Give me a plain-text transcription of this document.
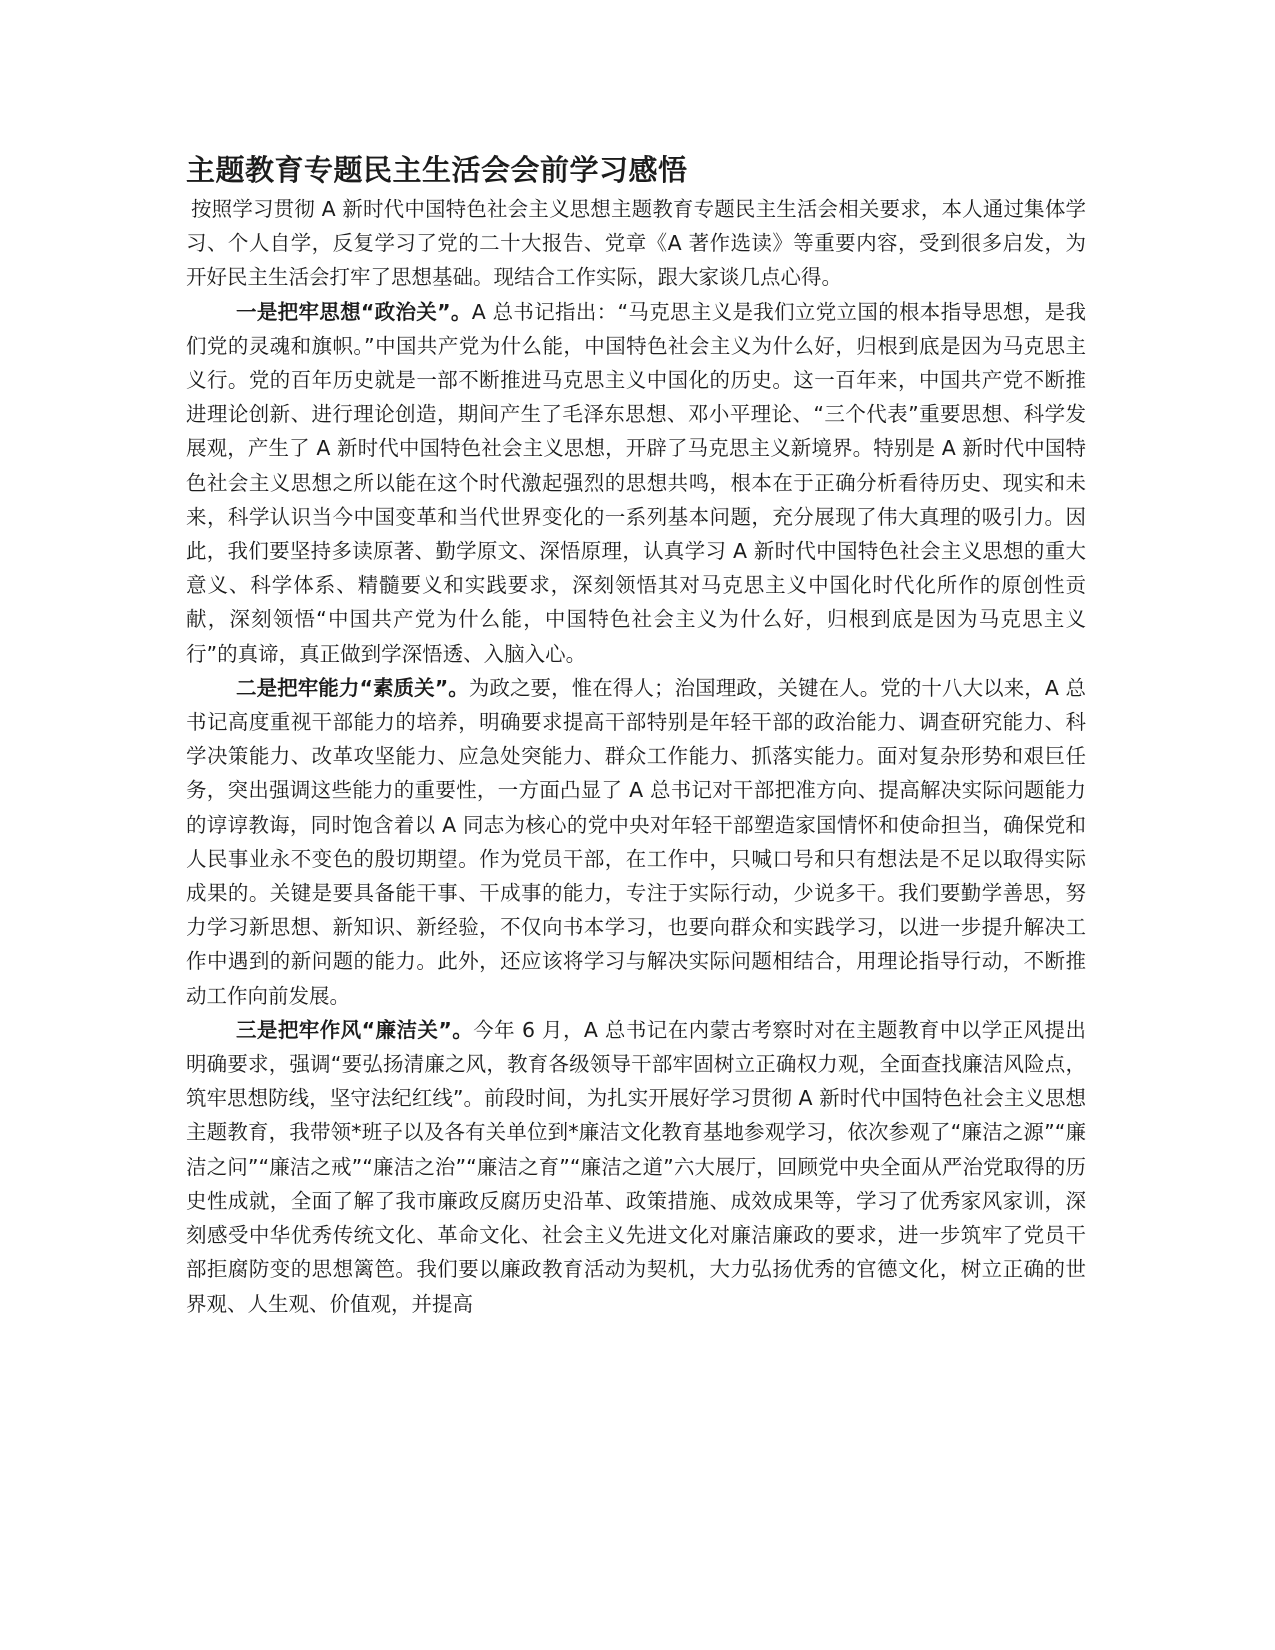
主题教育专题民主生活会会前学习感悟

按照学习贯彻 A 新时代中国特色社会主义思想主题教育专题民主生活会相关要求，本人通过集体学习、个人自学，反复学习了党的二十大报告、党章《A 著作选读》等重要内容，受到很多启发，为开好民主生活会打牢了思想基础。现结合工作实际，跟大家谈几点心得。

一是把牢思想“政治关”。A 总书记指出：“马克思主义是我们立党立国的根本指导思想，是我们党的灵魂和旗帜。”中国共产党为什么能，中国特色社会主义为什么好，归根到底是因为马克思主义行。党的百年历史就是一部不断推进马克思主义中国化的历史。这一百年来，中国共产党不断推进理论创新、进行理论创造，期间产生了毛泽东思想、邓小平理论、“三个代表”重要思想、科学发展观，产生了 A 新时代中国特色社会主义思想，开辟了马克思主义新境界。特别是 A 新时代中国特色社会主义思想之所以能在这个时代激起强烈的思想共鸣，根本在于正确分析看待历史、现实和未来，科学认识当今中国变革和当代世界变化的一系列基本问题，充分展现了伟大真理的吸引力。因此，我们要坚持多读原著、勤学原文、深悟原理，认真学习 A 新时代中国特色社会主义思想的重大意义、科学体系、精髓要义和实践要求，深刻领悟其对马克思主义中国化时代化所作的原创性贡献，深刻领悟“中国共产党为什么能，中国特色社会主义为什么好，归根到底是因为马克思主义行”的真谛，真正做到学深悟透、入脑入心。

二是把牢能力“素质关”。为政之要，惟在得人；治国理政，关键在人。党的十八大以来，A 总书记高度重视干部能力的培养，明确要求提高干部特别是年轻干部的政治能力、调查研究能力、科学决策能力、改革攻坚能力、应急处突能力、群众工作能力、抓落实能力。面对复杂形势和艰巨任务，突出强调这些能力的重要性，一方面凸显了 A 总书记对干部把准方向、提高解决实际问题能力的谆谆教诲，同时饱含着以 A 同志为核心的党中央对年轻干部塑造家国情怀和使命担当，确保党和人民事业永不变色的殷切期望。作为党员干部，在工作中，只喊口号和只有想法是不足以取得实际成果的。关键是要具备能干事、干成事的能力，专注于实际行动，少说多干。我们要勤学善思，努力学习新思想、新知识、新经验，不仅向书本学习，也要向群众和实践学习，以进一步提升解决工作中遇到的新问题的能力。此外，还应该将学习与解决实际问题相结合，用理论指导行动，不断推动工作向前发展。

三是把牢作风“廉洁关”。今年 6 月，A 总书记在内蒙古考察时对在主题教育中以学正风提出明确要求，强调“要弘扬清廉之风，教育各级领导干部牢固树立正确权力观，全面查找廉洁风险点，筑牢思想防线，坚守法纪红线”。前段时间，为扎实开展好学习贯彻 A 新时代中国特色社会主义思想主题教育，我带领*班子以及各有关单位到*廉洁文化教育基地参观学习，依次参观了“廉洁之源”“廉洁之问”“廉洁之戒”“廉洁之治”“廉洁之育”“廉洁之道”六大展厅，回顾党中央全面从严治党取得的历史性成就，全面了解了我市廉政反腐历史沿革、政策措施、成效成果等，学习了优秀家风家训，深刻感受中华优秀传统文化、革命文化、社会主义先进文化对廉洁廉政的要求，进一步筑牢了党员干部拒腐防变的思想篱笆。我们要以廉政教育活动为契机，大力弘扬优秀的官德文化，树立正确的世界观、人生观、价值观，并提高
